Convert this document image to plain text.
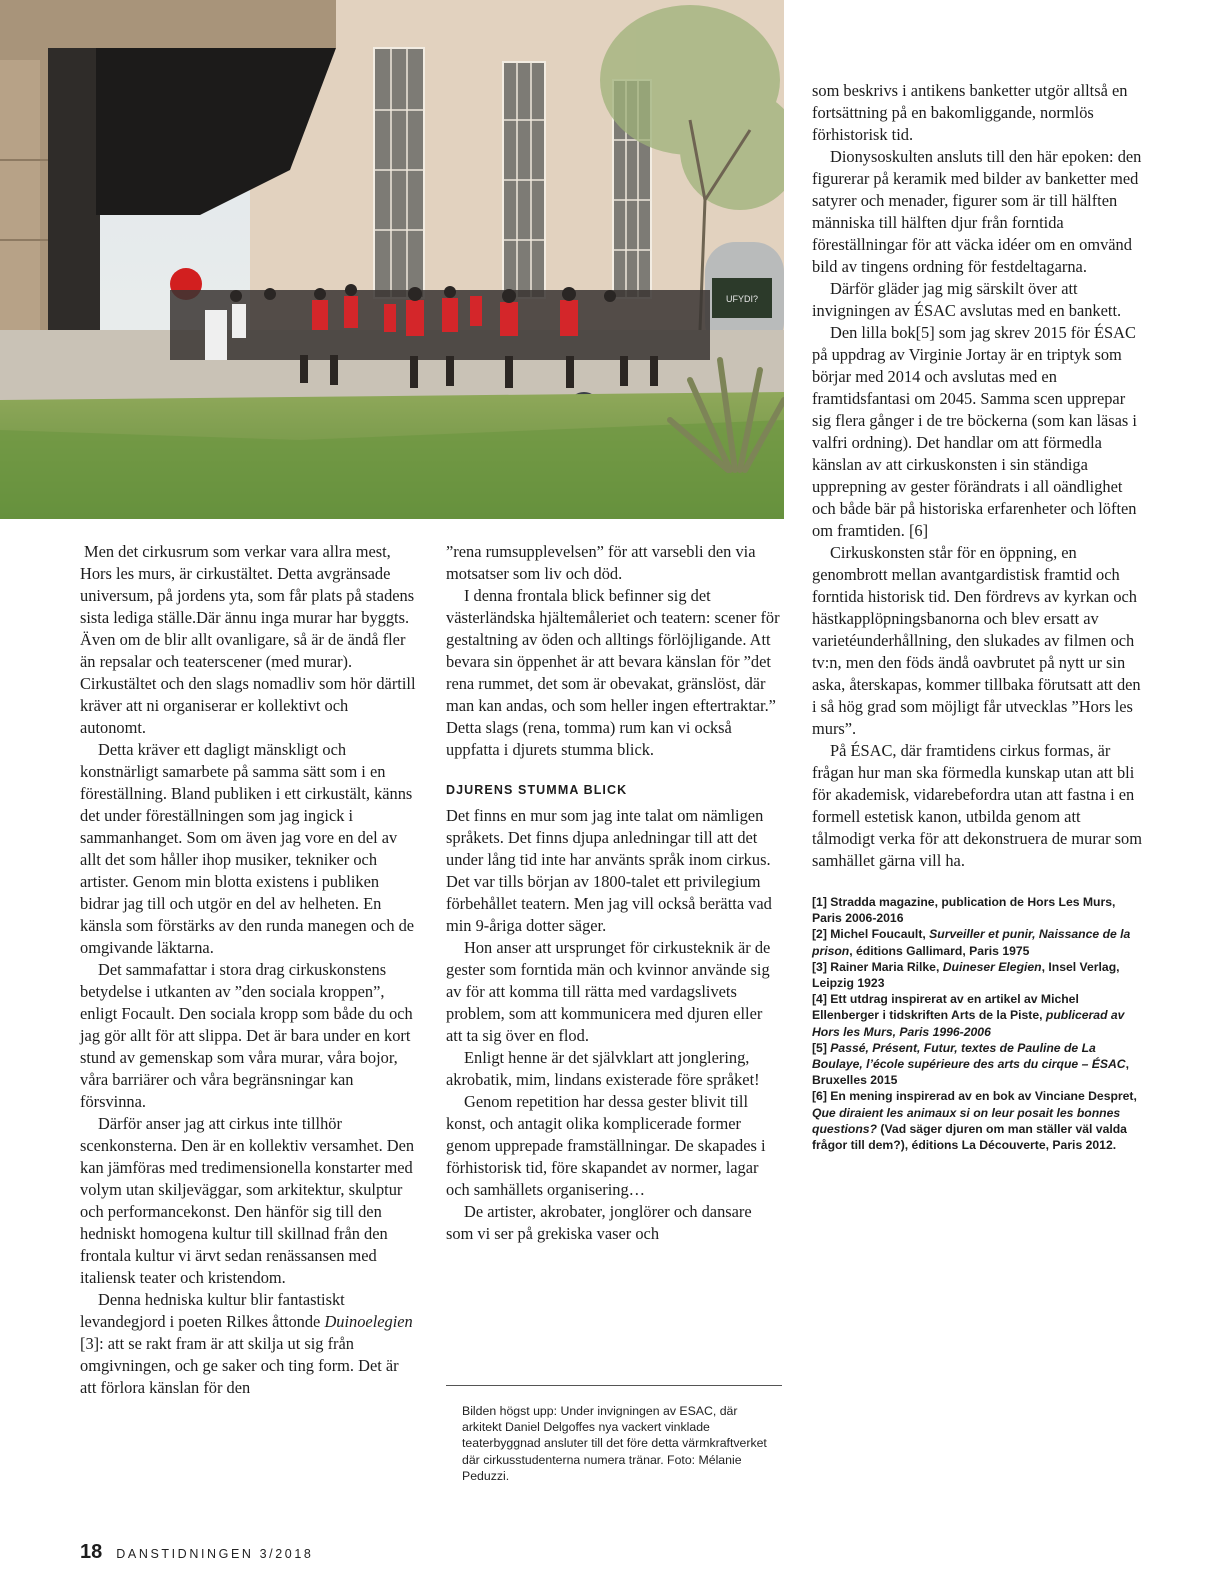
UFYDI?

Men det cirkusrum som verkar vara allra mest, Hors les murs, är cirkustältet. Detta avgränsade universum, på jordens yta, som får plats på stadens sista lediga ställe.Där ännu inga murar har byggts. Även om de blir allt ovanligare, så är de ändå fler än repsalar och teaterscener (med murar). Cirkustältet och den slags nomadliv som hör därtill kräver att ni organiserar er kollektivt och autonomt.

Detta kräver ett dagligt mänskligt och konstnärligt samarbete på samma sätt som i en föreställning. Bland publiken i ett cirkustält, känns det under föreställningen som jag ingick i sammanhanget. Som om även jag vore en del av allt det som håller ihop musiker, tekniker och artister. Genom min blotta existens i publiken bidrar jag till och utgör en del av helheten. En känsla som förstärks av den runda manegen och de omgivande läktarna.

Det sammafattar i stora drag cirkuskonstens betydelse i utkanten av ”den sociala kroppen”, enligt Focault. Den sociala kropp som både du och jag gör allt för att slippa. Det är bara under en kort stund av gemenskap som våra murar, våra bojor, våra barriärer och våra begränsningar kan försvinna.

Därför anser jag att cirkus inte tillhör scenkonsterna. Den är en kollektiv versamhet. Den kan jämföras med tredimensionella konstarter med volym utan skiljeväggar, som arkitektur, skulptur och performancekonst. Den hänför sig till den hedniskt homogena kultur till skillnad från den frontala kultur vi ärvt sedan renässansen med italiensk teater och kristendom.

Denna hedniska kultur blir fantastiskt levandegjord i poeten Rilkes åttonde Duinoelegien [3]: att se rakt fram är att skilja ut sig från omgivningen, och ge saker och ting form. Det är att förlora känslan för den

”rena rumsupplevelsen” för att varsebli den via motsatser som liv och död.

I denna frontala blick befinner sig det västerländska hjältemåleriet och teatern: scener för gestaltning av öden och alltings förlöjligande. Att bevara sin öppenhet är att bevara känslan för ”det rena rummet, det som är obevakat, gränslöst, där man kan andas, och som heller ingen eftertraktar.” Detta slags (rena, tomma) rum kan vi också uppfatta i djurets stumma blick.

DJURENS STUMMA BLICK

Det finns en mur som jag inte talat om nämligen språkets. Det finns djupa anledningar till att det under lång tid inte har använts språk inom cirkus. Det var tills början av 1800-talet ett privilegium förbehållet teatern. Men jag vill också berätta vad min 9-åriga dotter säger.

Hon anser att ursprunget för cirkusteknik är de gester som forntida män och kvinnor använde sig av för att komma till rätta med vardagslivets problem, som att kommunicera med djuren eller att ta sig över en flod.

Enligt henne är det självklart att jonglering, akrobatik, mim, lindans existerade före språket!

Genom repetition har dessa gester blivit till konst, och antagit olika komplicerade former genom upprepade framställningar. De skapades i förhistorisk tid, före skapandet av normer, lagar och samhällets organisering…

De artister, akrobater, jonglörer och dansare som vi ser på grekiska vaser och

Bilden högst upp: Under invigningen av ESAC, där arkitekt Daniel Delgoffes nya vackert vinklade teaterbyggnad ansluter till det före detta värmkraftverket där cirkusstudenterna numera tränar. Foto: Mélanie Peduzzi.

som beskrivs i antikens banketter utgör alltså en fortsättning på en bakomliggande, normlös förhistorisk tid.

Dionysoskulten ansluts till den här epoken: den figurerar på keramik med bilder av banketter med satyrer och menader, figurer som är till hälften människa till hälften djur från forntida föreställningar för att väcka idéer om en omvänd bild av tingens ordning för festdeltagarna.

Därför gläder jag mig särskilt över att invigningen av ÉSAC avslutas med en bankett.

Den lilla bok[5] som jag skrev 2015 för ÉSAC på uppdrag av Virginie Jortay är en triptyk som börjar med 2014 och avslutas med en framtidsfantasi om 2045. Samma scen upprepar sig flera gånger i de tre böckerna (som kan läsas i valfri ordning). Det handlar om att förmedla känslan av att cirkuskonsten i sin ständiga upprepning av gester förändrats i all oändlighet och både bär på historiska erfarenheter och löften om framtiden. [6]

Cirkuskonsten står för en öppning, en genombrott mellan avantgardistisk framtid och forntida historisk tid. Den fördrevs av kyrkan och hästkapplöpningsbanorna och blev ersatt av varietéunderhållning, den slukades av filmen och tv:n, men den föds ändå oavbrutet på nytt ur sin aska, återskapas, kommer tillbaka förutsatt att den i så hög grad som möjligt får utvecklas ”Hors les murs”.

På ÉSAC, där framtidens cirkus formas, är frågan hur man ska förmedla kunskap utan att bli för akademisk, vidarebefordra utan att fastna i en formell estetisk kanon, utbilda genom att tålmodigt verka för att dekonstruera de murar som samhället gärna vill ha.

[1] Stradda magazine, publication de Hors Les Murs, Paris 2006-2016
[2] Michel Foucault, Surveiller et punir, Naissance de la prison, éditions Gallimard, Paris 1975
[3] Rainer Maria Rilke, Duineser Elegien, Insel Verlag, Leipzig 1923
[4] Ett utdrag inspirerat av en artikel av Michel Ellenberger i tidskriften Arts de la Piste, publicerad av Hors les Murs, Paris 1996-2006
[5] Passé, Présent, Futur, textes de Pauline de La Boulaye, l’école supérieure des arts du cirque – ÉSAC, Bruxelles 2015
[6] En mening inspirerad av en bok av Vinciane Despret, Que diraient les animaux si on leur posait les bonnes questions? (Vad säger djuren om man ställer väl valda frågor till dem?), éditions La Découverte, Paris 2012.
18 DANSTIDNINGEN 3/2018
